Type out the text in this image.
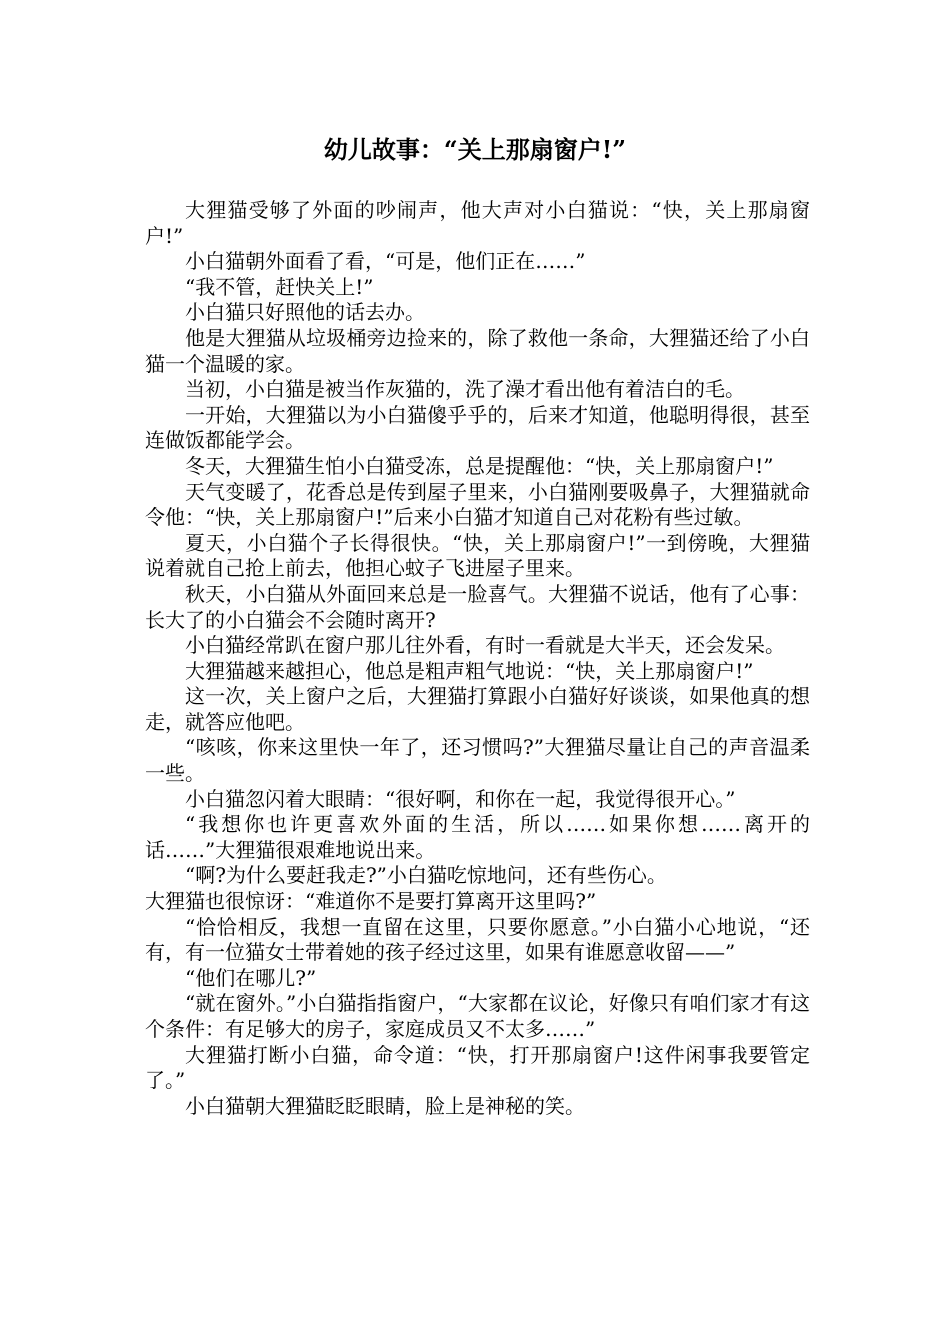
幼儿故事：“关上那扇窗户!”

大狸猫受够了外面的吵闹声，他大声对小白猫说：“快，关上那扇窗户!”

小白猫朝外面看了看，“可是，他们正在……”

“我不管，赶快关上!”

小白猫只好照他的话去办。

他是大狸猫从垃圾桶旁边捡来的，除了救他一条命，大狸猫还给了小白猫一个温暖的家。

当初，小白猫是被当作灰猫的，洗了澡才看出他有着洁白的毛。

一开始，大狸猫以为小白猫傻乎乎的，后来才知道，他聪明得很，甚至连做饭都能学会。

冬天，大狸猫生怕小白猫受冻，总是提醒他：“快，关上那扇窗户!”

天气变暖了，花香总是传到屋子里来，小白猫刚要吸鼻子，大狸猫就命令他：“快，关上那扇窗户!”后来小白猫才知道自己对花粉有些过敏。

夏天，小白猫个子长得很快。“快，关上那扇窗户!”一到傍晚，大狸猫说着就自己抢上前去，他担心蚊子飞进屋子里来。

秋天，小白猫从外面回来总是一脸喜气。大狸猫不说话，他有了心事：长大了的小白猫会不会随时离开?

小白猫经常趴在窗户那儿往外看，有时一看就是大半天，还会发呆。

大狸猫越来越担心，他总是粗声粗气地说：“快，关上那扇窗户!”

这一次，关上窗户之后，大狸猫打算跟小白猫好好谈谈，如果他真的想走，就答应他吧。

“咳咳，你来这里快一年了，还习惯吗?”大狸猫尽量让自己的声音温柔一些。

小白猫忽闪着大眼睛：“很好啊，和你在一起，我觉得很开心。”

“我想你也许更喜欢外面的生活，所以……如果你想……离开的话……”大狸猫很艰难地说出来。

“啊?为什么要赶我走?”小白猫吃惊地问，还有些伤心。

大狸猫也很惊讶：“难道你不是要打算离开这里吗?”

“恰恰相反，我想一直留在这里，只要你愿意。”小白猫小心地说，“还有，有一位猫女士带着她的孩子经过这里，如果有谁愿意收留——”

“他们在哪儿?”

“就在窗外。”小白猫指指窗户，“大家都在议论，好像只有咱们家才有这个条件：有足够大的房子，家庭成员又不太多……”

大狸猫打断小白猫，命令道：“快，打开那扇窗户!这件闲事我要管定了。”

小白猫朝大狸猫眨眨眼睛，脸上是神秘的笑。
